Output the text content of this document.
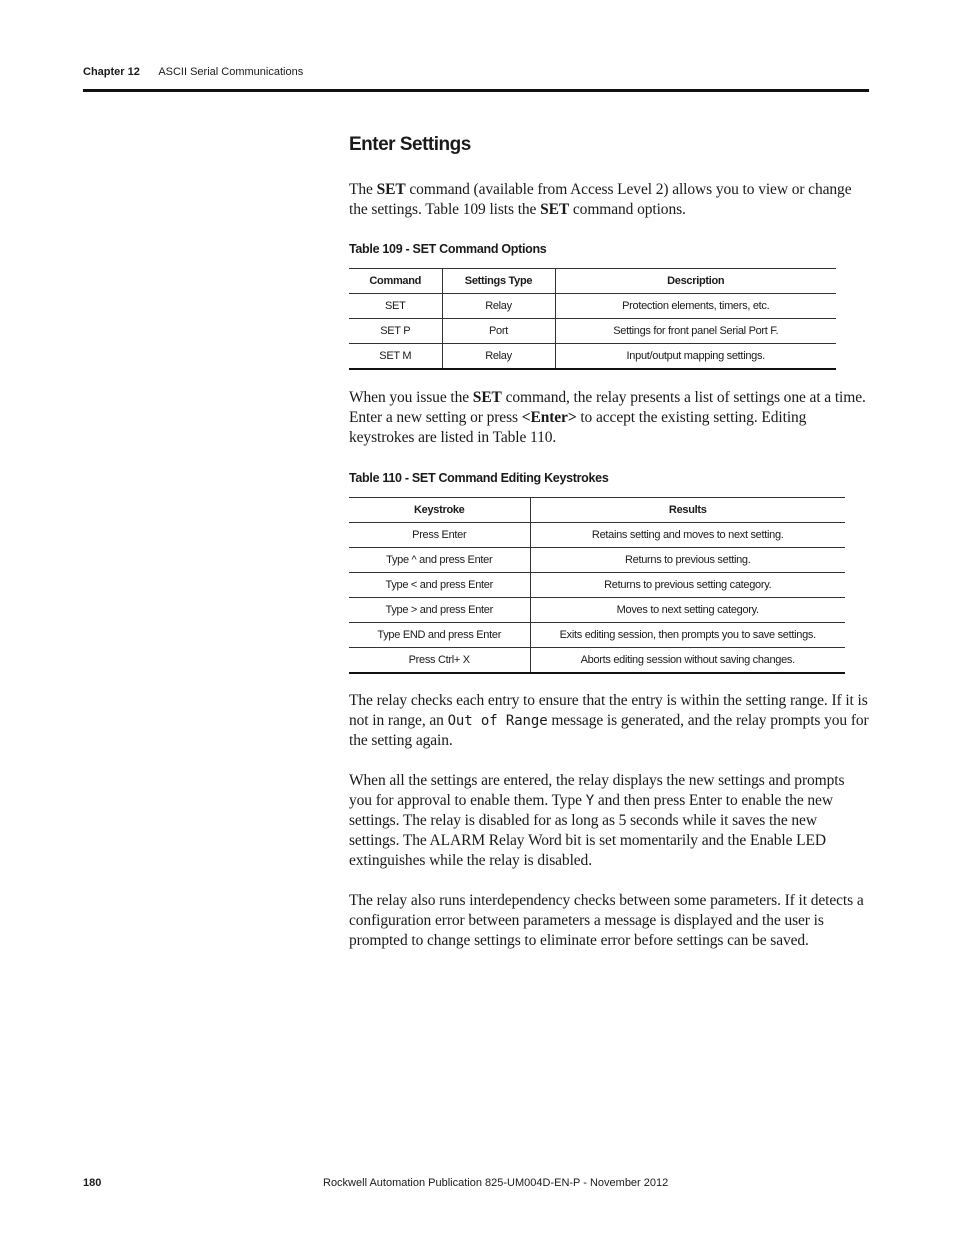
Chapter 12 ASCII Serial Communications
Enter Settings

The SET command (available from Access Level 2) allows you to view or change the settings. Table 109 lists the SET command options.

Table 109 - SET Command Options
Command	Settings Type	Description
SET	Relay	Protection elements, timers, etc.
SET P	Port	Settings for front panel Serial Port F.
SET M	Relay	Input/output mapping settings.

When you issue the SET command, the relay presents a list of settings one at a time. Enter a new setting or press <Enter> to accept the existing setting. Editing keystrokes are listed in Table 110.

Table 110 - SET Command Editing Keystrokes
Keystroke	Results
Press Enter	Retains setting and moves to next setting.
Type ^ and press Enter	Returns to previous setting.
Type < and press Enter	Returns to previous setting category.
Type > and press Enter	Moves to next setting category.
Type END and press Enter	Exits editing session, then prompts you to save settings.
Press Ctrl+ X	Aborts editing session without saving changes.

The relay checks each entry to ensure that the entry is within the setting range. If it is not in range, an Out of Range message is generated, and the relay prompts you for the setting again.

When all the settings are entered, the relay displays the new settings and prompts you for approval to enable them. Type Y and then press Enter to enable the new settings. The relay is disabled for as long as 5 seconds while it saves the new settings. The ALARM Relay Word bit is set momentarily and the Enable LED extinguishes while the relay is disabled.

The relay also runs interdependency checks between some parameters. If it detects a configuration error between parameters a message is displayed and the user is prompted to change settings to eliminate error before settings can be saved.

180	Rockwell Automation Publication 825-UM004D-EN-P - November 2012
